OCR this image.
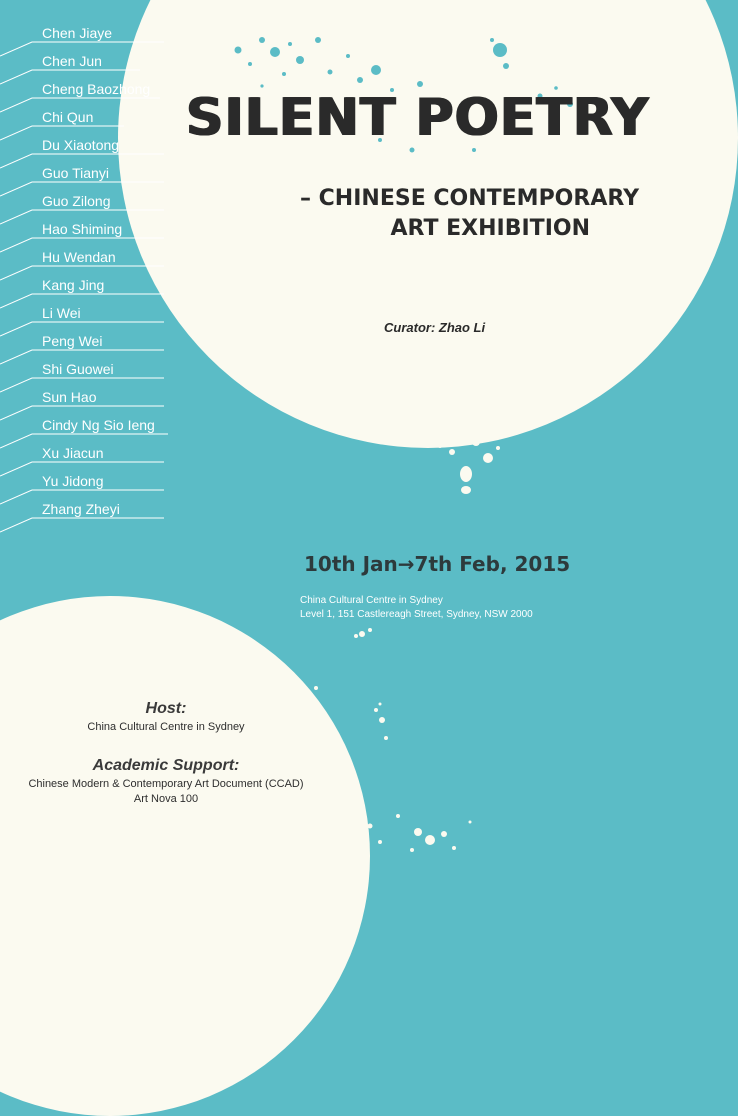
Chen Jiaye
Chen Jun
Cheng Baozhong
Chi Qun
Du Xiaotong
Guo Tianyi
Guo Zilong
Hao Shiming
Hu Wendan
Kang Jing
Li Wei
Peng Wei
Shi Guowei
Sun Hao
Cindy Ng Sio Ieng
Xu Jiacun
Yu Jidong
Zhang Zheyi
SILENT POETRY
– CHINESE CONTEMPORARY
ART EXHIBITION
Curator: Zhao Li
10th Jan→7th Feb, 2015
China Cultural Centre in Sydney
Level 1, 151 Castlereagh Street, Sydney, NSW 2000
Host:
China Cultural Centre in Sydney
Academic Support:
Chinese Modern & Contemporary Art Document (CCAD)
Art Nova 100
